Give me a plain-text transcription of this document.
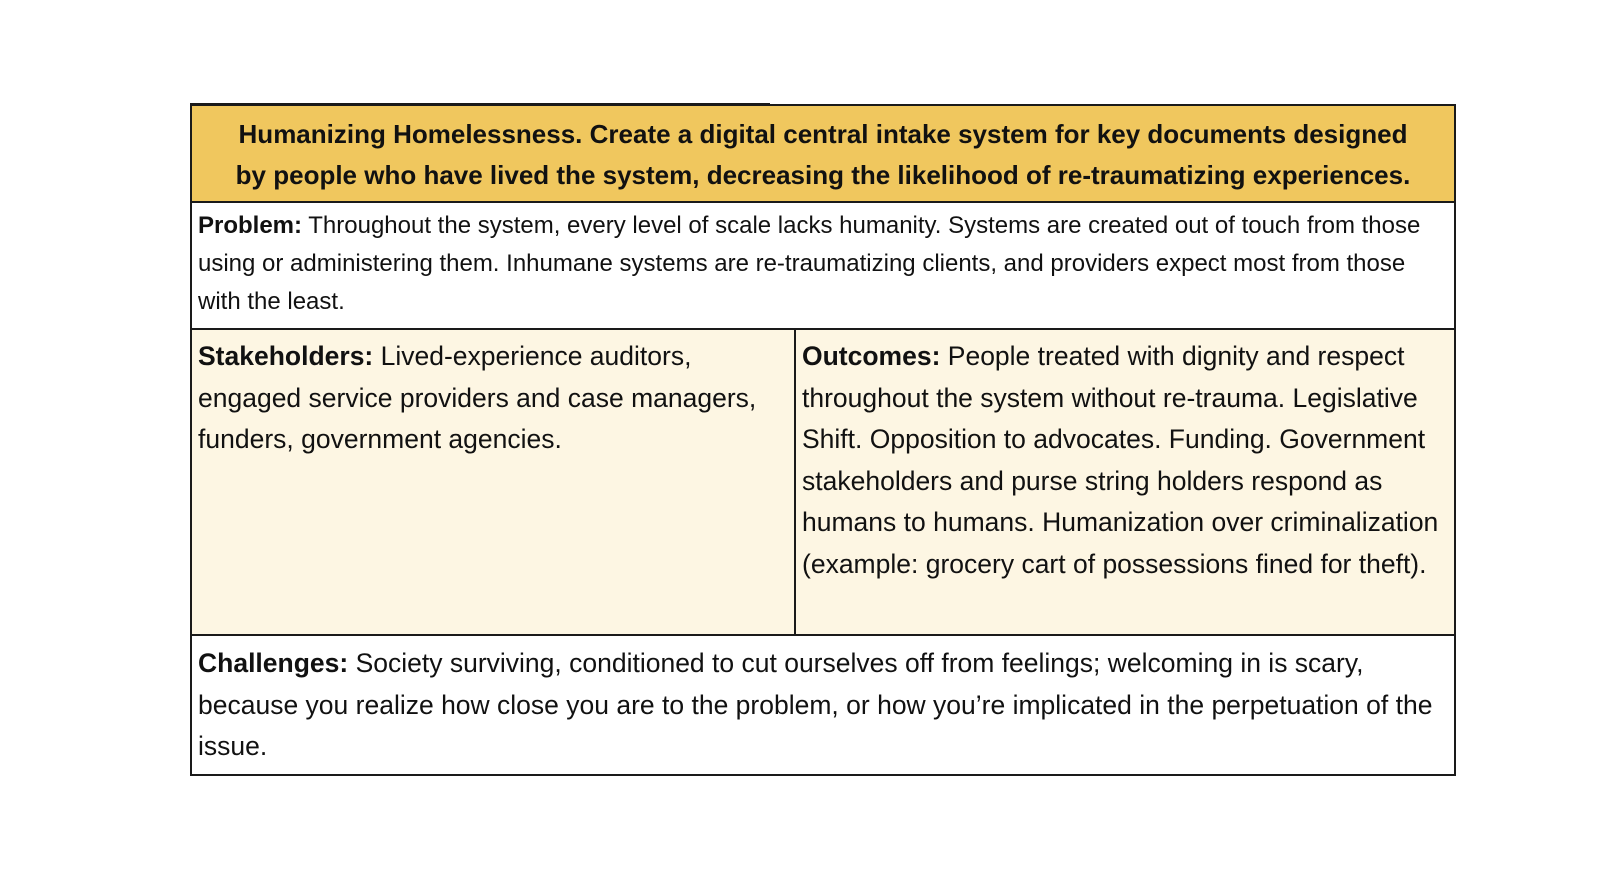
Humanizing Homelessness. Create a digital central intake system for key documents designed by people who have lived the system, decreasing the likelihood of re-traumatizing experiences.
Problem: Throughout the system, every level of scale lacks humanity. Systems are created out of touch from those using or administering them. Inhumane systems are re-traumatizing clients, and providers expect most from those with the least.
Stakeholders: Lived-experience auditors, engaged service providers and case managers, funders, government agencies.	Outcomes: People treated with dignity and respect throughout the system without re-trauma. Legislative Shift. Opposition to advocates. Funding. Government stakeholders and purse string holders respond as humans to humans. Humanization over criminalization (example: grocery cart of possessions fined for theft).
Challenges: Society surviving, conditioned to cut ourselves off from feelings; welcoming in is scary, because you realize how close you are to the problem, or how you’re implicated in the perpetuation of the issue.
